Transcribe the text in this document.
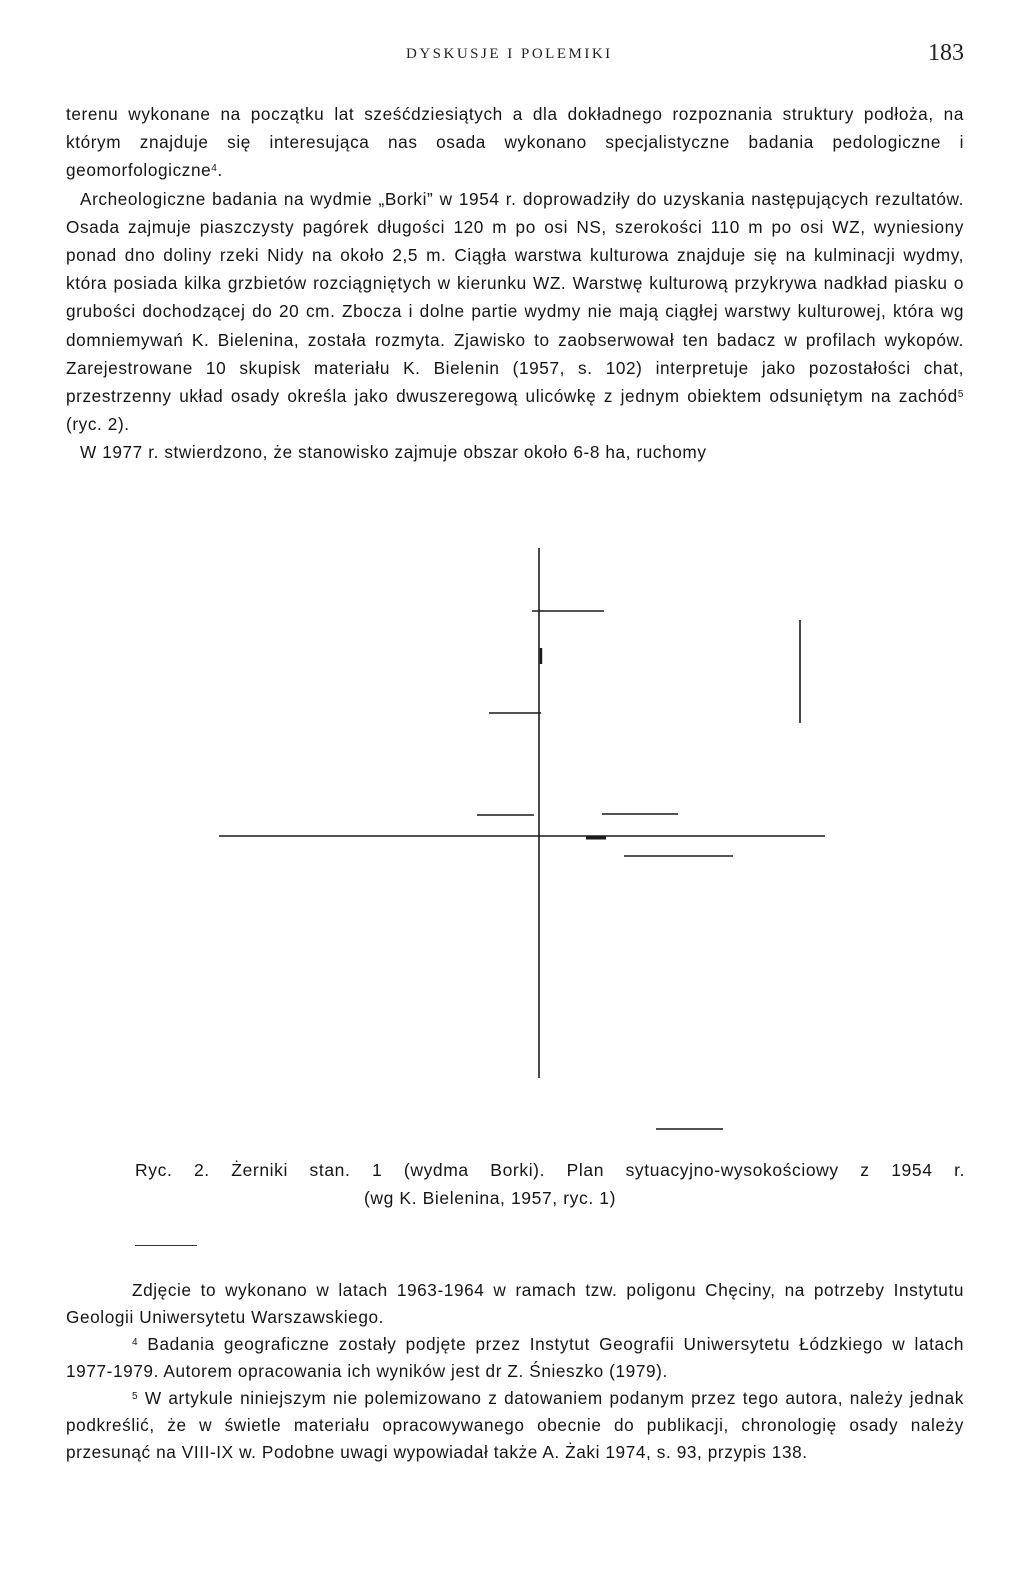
DYSKUSJE I POLEMIKI	183

terenu wykonane na początku lat sześćdziesiątych a dla dokładnego rozpoznania struktury podłoża, na którym znajduje się interesująca nas osada wykonano specjalistyczne badania pedologiczne i geomorfologiczne$^4$.

Archeologiczne badania na wydmie „Borki” w 1954 r. doprowadziły do uzyskania następujących rezultatów. Osada zajmuje piaszczysty pagórek długości 120 m po osi NS, szerokości 110 m po osi WZ, wyniesiony ponad dno doliny rzeki Nidy na około 2,5 m. Ciągła warstwa kulturowa znajduje się na kulminacji wydmy, która posiada kilka grzbietów rozciągniętych w kierunku WZ. Warstwę kulturową przykrywa nadkład piasku o grubości dochodzącej do 20 cm. Zbocza i dolne partie wydmy nie mają ciągłej warstwy kulturowej, która wg domniemywań K. Bielenina, została rozmyta. Zjawisko to zaobserwował ten badacz w profilach wykopów. Zarejestrowane 10 skupisk materiału K. Bielenin (1957, s. 102) interpretuje jako pozostałości chat, przestrzenny układ osady określa jako dwuszeregową ulicówkę z jednym obiektem odsuniętym na zachód$^5$ (ryc. 2).

W 1977 r. stwierdzono, że stanowisko zajmuje obszar około 6-8 ha, ruchomy

Ryc. 2. Żerniki stan. 1 (wydma Borki). Plan sytuacyjno-wysokościowy z 1954 r.
(wg K. Bielenina, 1957, ryc. 1)

Zdjęcie to wykonano w latach 1963-1964 w ramach tzw. poligonu Chęciny, na potrzeby Instytutu Geologii Uniwersytetu Warszawskiego.

$^4$ Badania geograficzne zostały podjęte przez Instytut Geografii Uniwersytetu Łódzkiego w latach 1977-1979. Autorem opracowania ich wyników jest dr Z. Śnieszko (1979).

$^5$ W artykule niniejszym nie polemizowano z datowaniem podanym przez tego autora, należy jednak podkreślić, że w świetle materiału opracowywanego obecnie do publikacji, chronologię osady należy przesunąć na VIII-IX w. Podobne uwagi wypowiadał także A. Żaki 1974, s. 93, przypis 138.
